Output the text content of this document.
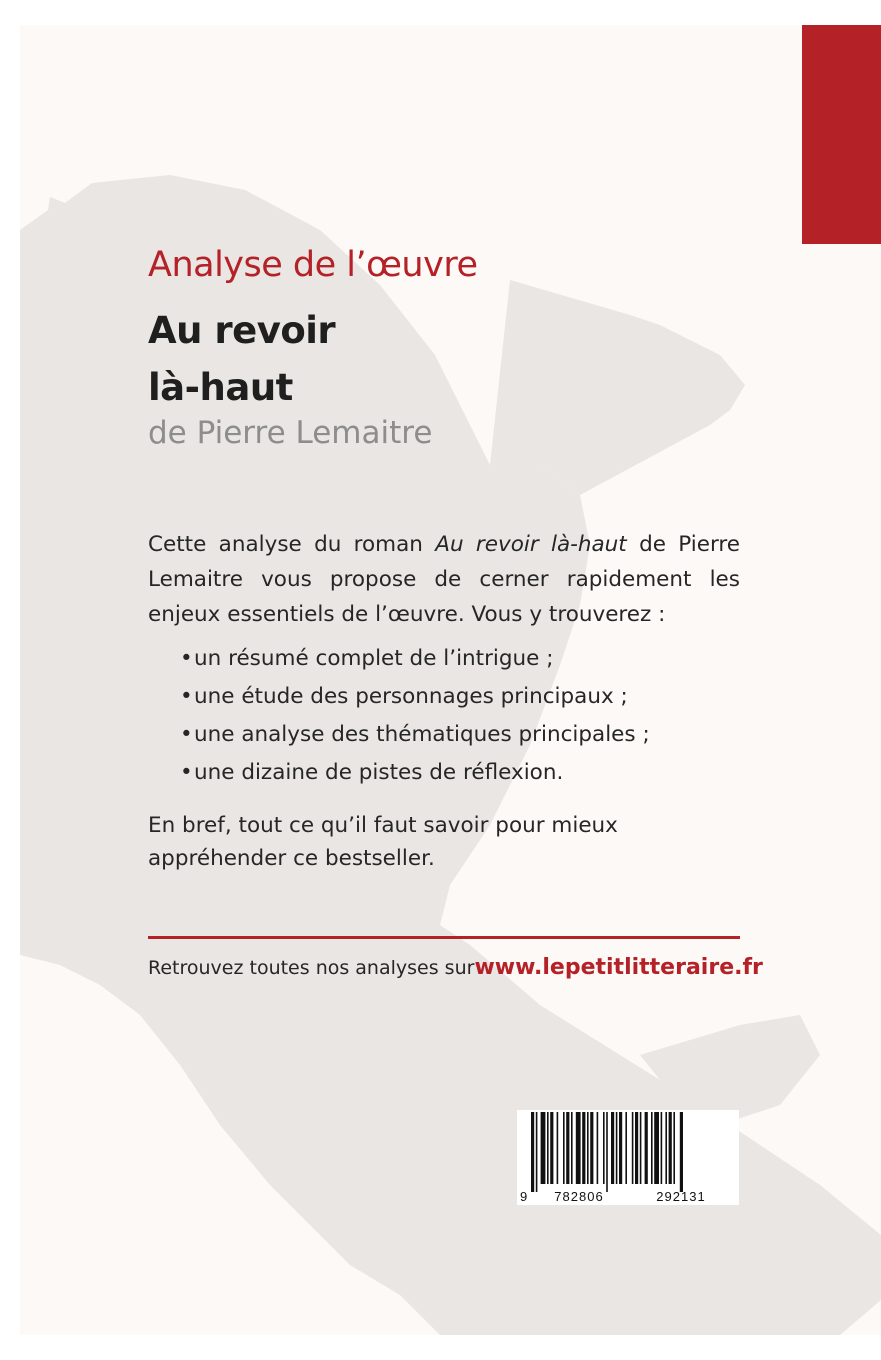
Analyse de l’œuvre
Au revoir
là-haut
de Pierre Lemaitre

Cette analyse du roman Au revoir là-haut de Pierre Lemaitre vous propose de cerner rapidement les enjeux essentiels de l’œuvre. Vous y trouverez :

• un résumé complet de l’intrigue ;
• une étude des personnages principaux ;
• une analyse des thématiques principales ;
• une dizaine de pistes de réflexion.

En bref, tout ce qu’il faut savoir pour mieux appréhender ce bestseller.

Retrouvez toutes nos analyses sur www.lepetitlitteraire.fr
9 782806	292131
